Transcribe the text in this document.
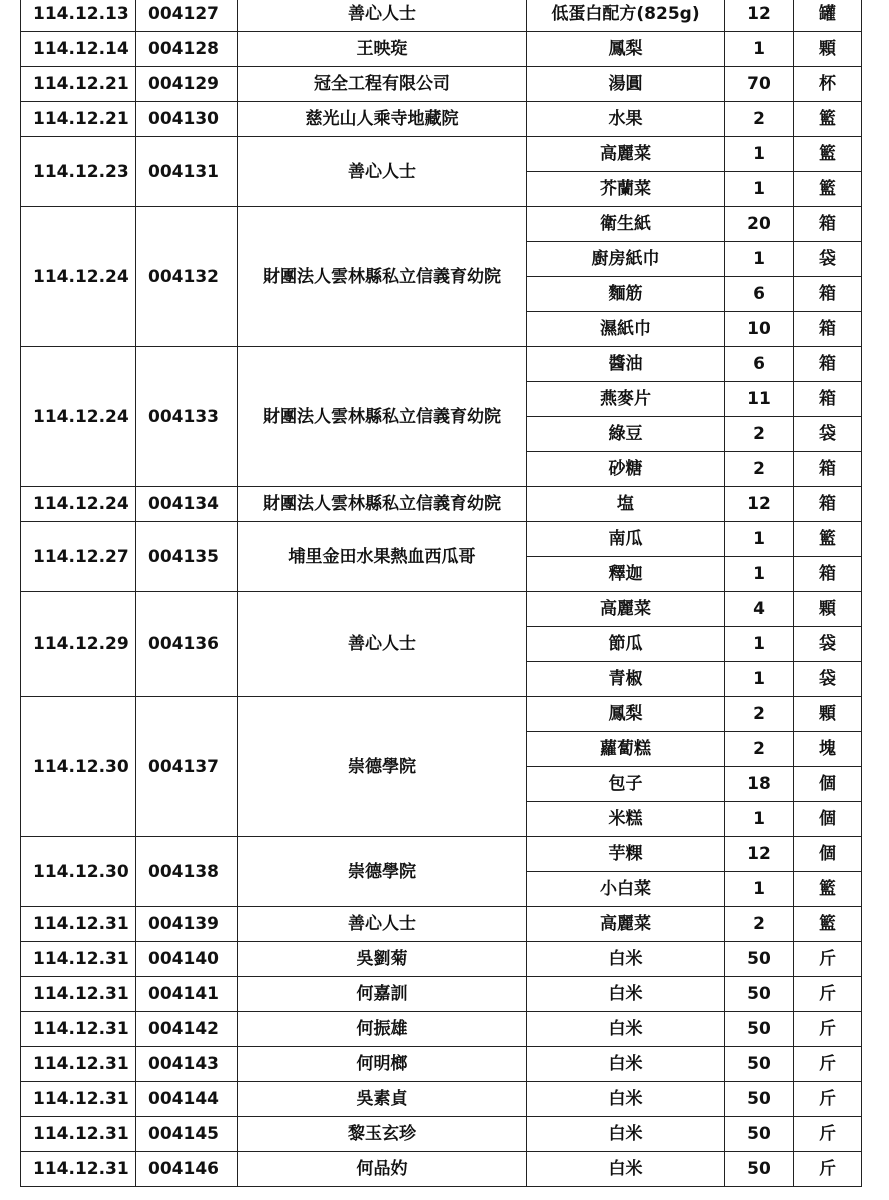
114.12.13	004127	善心人士	低蛋白配方(825g)	12	罐
114.12.14	004128	王映琁	鳳梨	1	顆
114.12.21	004129	冠全工程有限公司	湯圓	70	杯
114.12.21	004130	慈光山人乘寺地藏院	水果	2	籃
114.12.23	004131	善心人士	高麗菜	1	籃
			芥蘭菜	1	籃
114.12.24	004132	財團法人雲林縣私立信義育幼院	衛生紙	20	箱
			廚房紙巾	1	袋
			麵筋	6	箱
			濕紙巾	10	箱
114.12.24	004133	財團法人雲林縣私立信義育幼院	醬油	6	箱
			燕麥片	11	箱
			綠豆	2	袋
			砂糖	2	箱
114.12.24	004134	財團法人雲林縣私立信義育幼院	塩	12	箱
114.12.27	004135	埔里金田水果熱血西瓜哥	南瓜	1	籃
			釋迦	1	箱
114.12.29	004136	善心人士	高麗菜	4	顆
			節瓜	1	袋
			青椒	1	袋
114.12.30	004137	崇德學院	鳳梨	2	顆
			蘿蔔糕	2	塊
			包子	18	個
			米糕	1	個
114.12.30	004138	崇德學院	芋粿	12	個
			小白菜	1	籃
114.12.31	004139	善心人士	高麗菜	2	籃
114.12.31	004140	吳劉菊	白米	50	斤
114.12.31	004141	何嘉訓	白米	50	斤
114.12.31	004142	何振雄	白米	50	斤
114.12.31	004143	何明榔	白米	50	斤
114.12.31	004144	吳素貞	白米	50	斤
114.12.31	004145	黎玉玄珍	白米	50	斤
114.12.31	004146	何品妁	白米	50	斤
